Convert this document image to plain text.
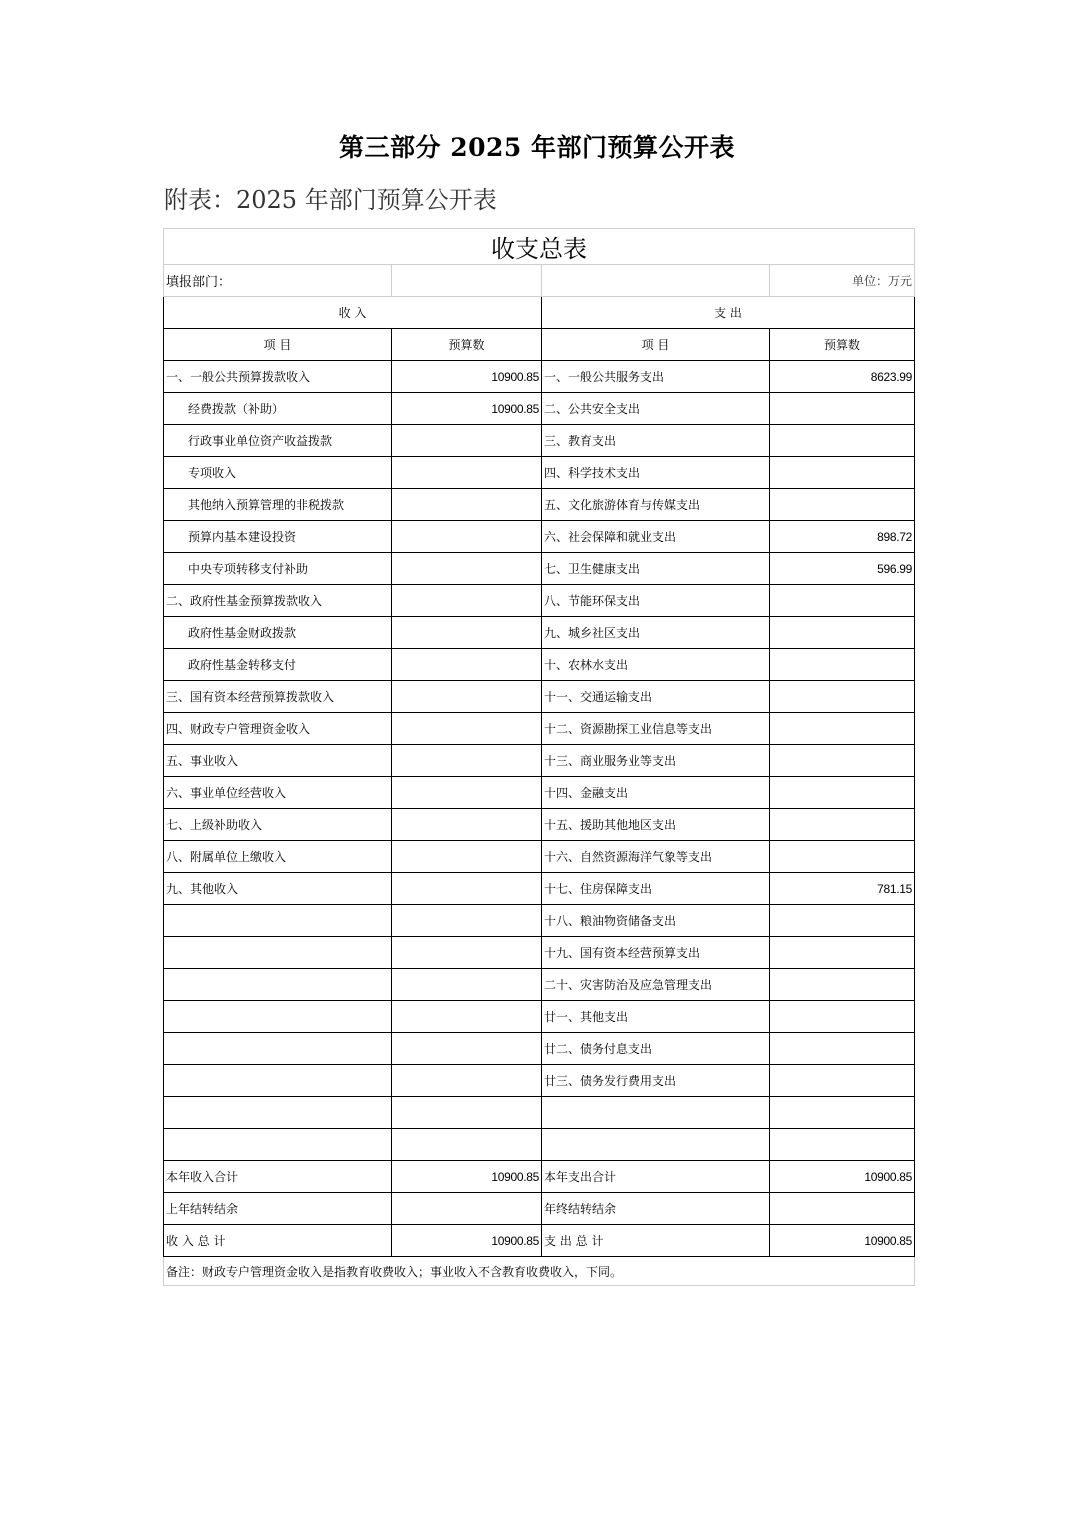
第三部分 2025 年部门预算公开表
附表：2025 年部门预算公开表
收支总表			
填报部门：			单位：万元
收 入		支 出	
项 目	预算数	项 目	预算数
一、一般公共预算拨款收入	10900.85	一、一般公共服务支出	8623.99
经费拨款（补助）	10900.85	二、公共安全支出	
行政事业单位资产收益拨款		三、教育支出	
专项收入		四、科学技术支出	
其他纳入预算管理的非税拨款		五、文化旅游体育与传媒支出	
预算内基本建设投资		六、社会保障和就业支出	898.72
中央专项转移支付补助		七、卫生健康支出	596.99
二、政府性基金预算拨款收入		八、节能环保支出	
政府性基金财政拨款		九、城乡社区支出	
政府性基金转移支付		十、农林水支出	
三、国有资本经营预算拨款收入		十一、交通运输支出	
四、财政专户管理资金收入		十二、资源勘探工业信息等支出	
五、事业收入		十三、商业服务业等支出	
六、事业单位经营收入		十四、金融支出	
七、上级补助收入		十五、援助其他地区支出	
八、附属单位上缴收入		十六、自然资源海洋气象等支出	
九、其他收入		十七、住房保障支出	781.15
		十八、粮油物资储备支出	
		十九、国有资本经营预算支出	
		二十、灾害防治及应急管理支出	
		廿一、其他支出	
		廿二、债务付息支出	
		廿三、债务发行费用支出	

本年收入合计	10900.85	本年支出合计	10900.85
上年结转结余		年终结转结余	
收 入 总 计	10900.85	支 出 总 计	10900.85
备注：财政专户管理资金收入是指教育收费收入；事业收入不含教育收费收入，下同。			
